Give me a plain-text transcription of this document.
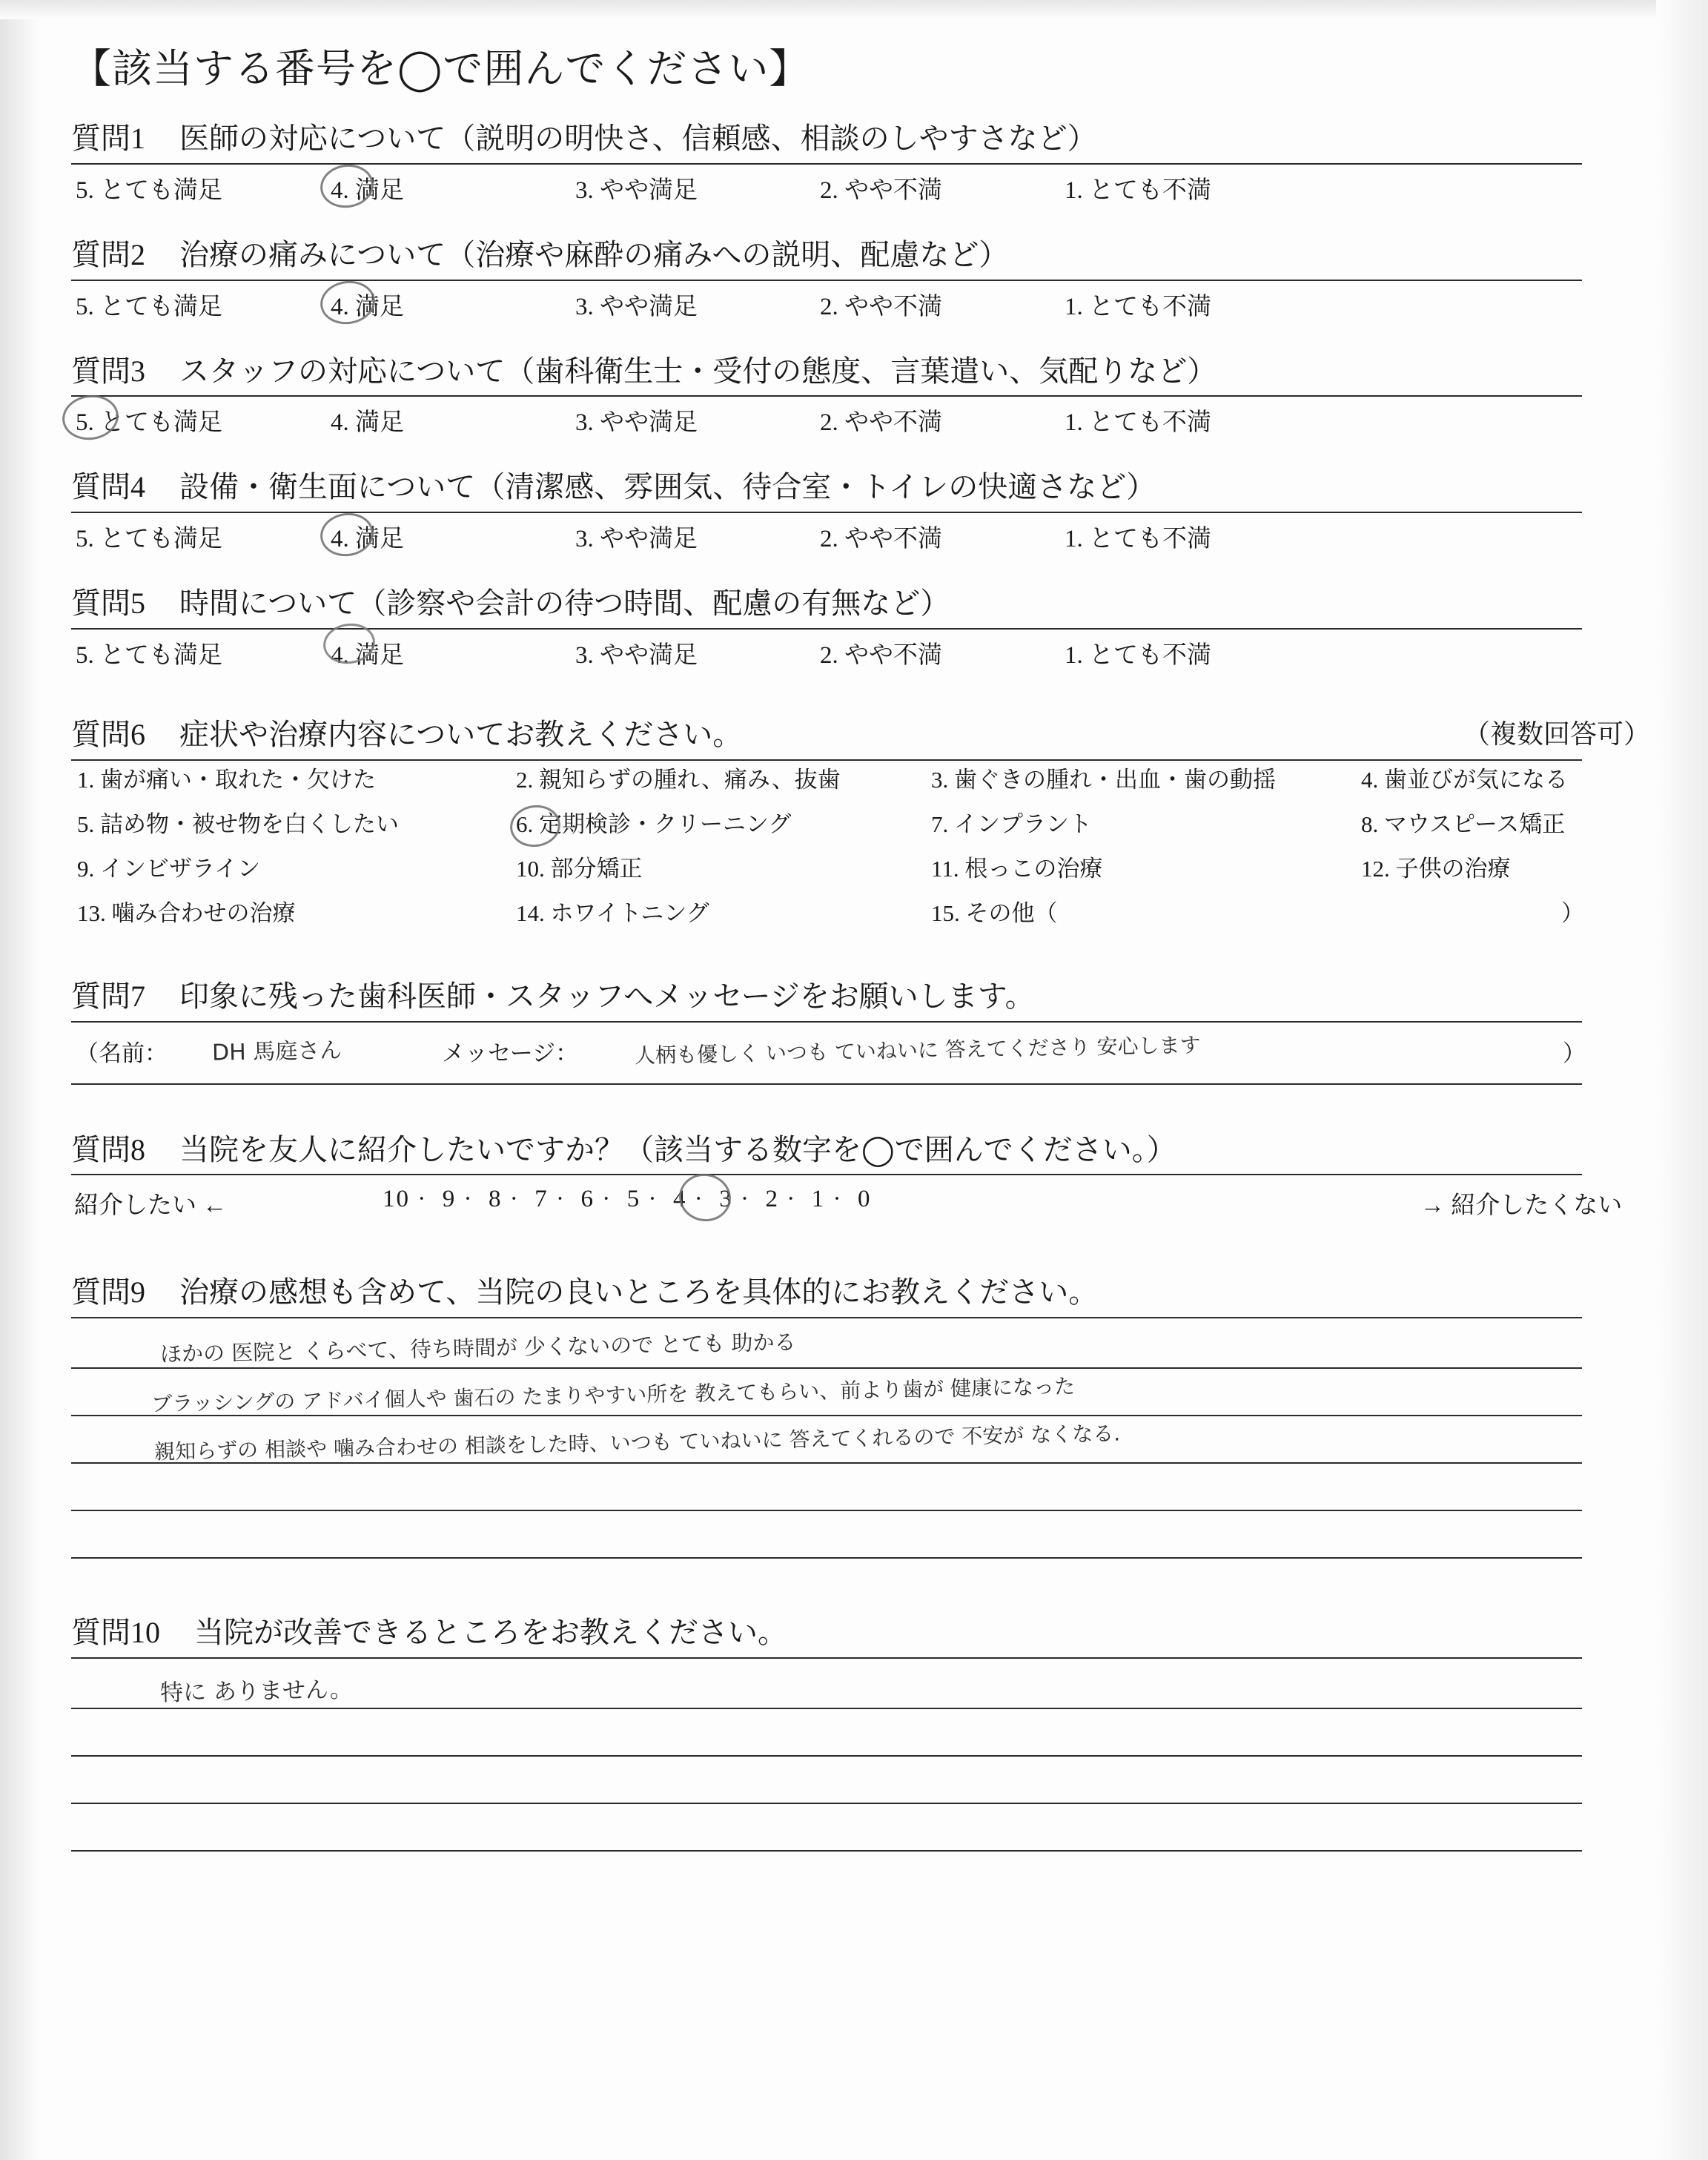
【該当する番号を◯で囲んでください】
質問1 医師の対応について（説明の明快さ、信頼感、相談のしやすさなど）
5. とても満足	4. 満足	3. やや満足	2. やや不満	1. とても不満
質問2 治療の痛みについて（治療や麻酔の痛みへの説明、配慮など）
5. とても満足	4. 満足	3. やや満足	2. やや不満	1. とても不満
質問3 スタッフの対応について（歯科衛生士・受付の態度、言葉遣い、気配りなど）
5. とても満足	4. 満足	3. やや満足	2. やや不満	1. とても不満
質問4 設備・衛生面について（清潔感、雰囲気、待合室・トイレの快適さなど）
5. とても満足	4. 満足	3. やや満足	2. やや不満	1. とても不満
質問5 時間について（診察や会計の待つ時間、配慮の有無など）
5. とても満足	4. 満足	3. やや満足	2. やや不満	1. とても不満
質問6 症状や治療内容についてお教えください。	（複数回答可）
1. 歯が痛い・取れた・欠けた	2. 親知らずの腫れ、痛み、抜歯	3. 歯ぐきの腫れ・出血・歯の動揺	4. 歯並びが気になる
5. 詰め物・被せ物を白くしたい	6. 定期検診・クリーニング	7. インプラント	8. マウスピース矯正
9. インビザライン	10. 部分矯正	11. 根っこの治療	12. 子供の治療
13. 噛み合わせの治療	14. ホワイトニング	15. その他（	）
質問7 印象に残った歯科医師・スタッフへメッセージをお願いします。
（名前： DH 馬庭さん	メッセージ：	人柄も優しく いつも ていねいに 答えてくださり 安心します	）
質問8 当院を友人に紹介したいですか？（該当する数字を◯で囲んでください。）
紹介したい ←	10 ·  9 ·  8 ·  7 ·  6 ·  5 ·  4 ·  3 ·  2 ·  1 ·  0	→ 紹介したくない
質問9 治療の感想も含めて、当院の良いところを具体的にお教えください。
ほかの 医院と くらべて、待ち時間が 少くないので とても 助かる
ブラッシングの アドバイ個人や 歯石の たまりやすい所を 教えてもらい、前より歯が 健康になった
親知らずの 相談や 噛み合わせの 相談をした時、いつも ていねいに 答えてくれるので 不安が なくなる.
質問10 当院が改善できるところをお教えください。
特に ありません。
